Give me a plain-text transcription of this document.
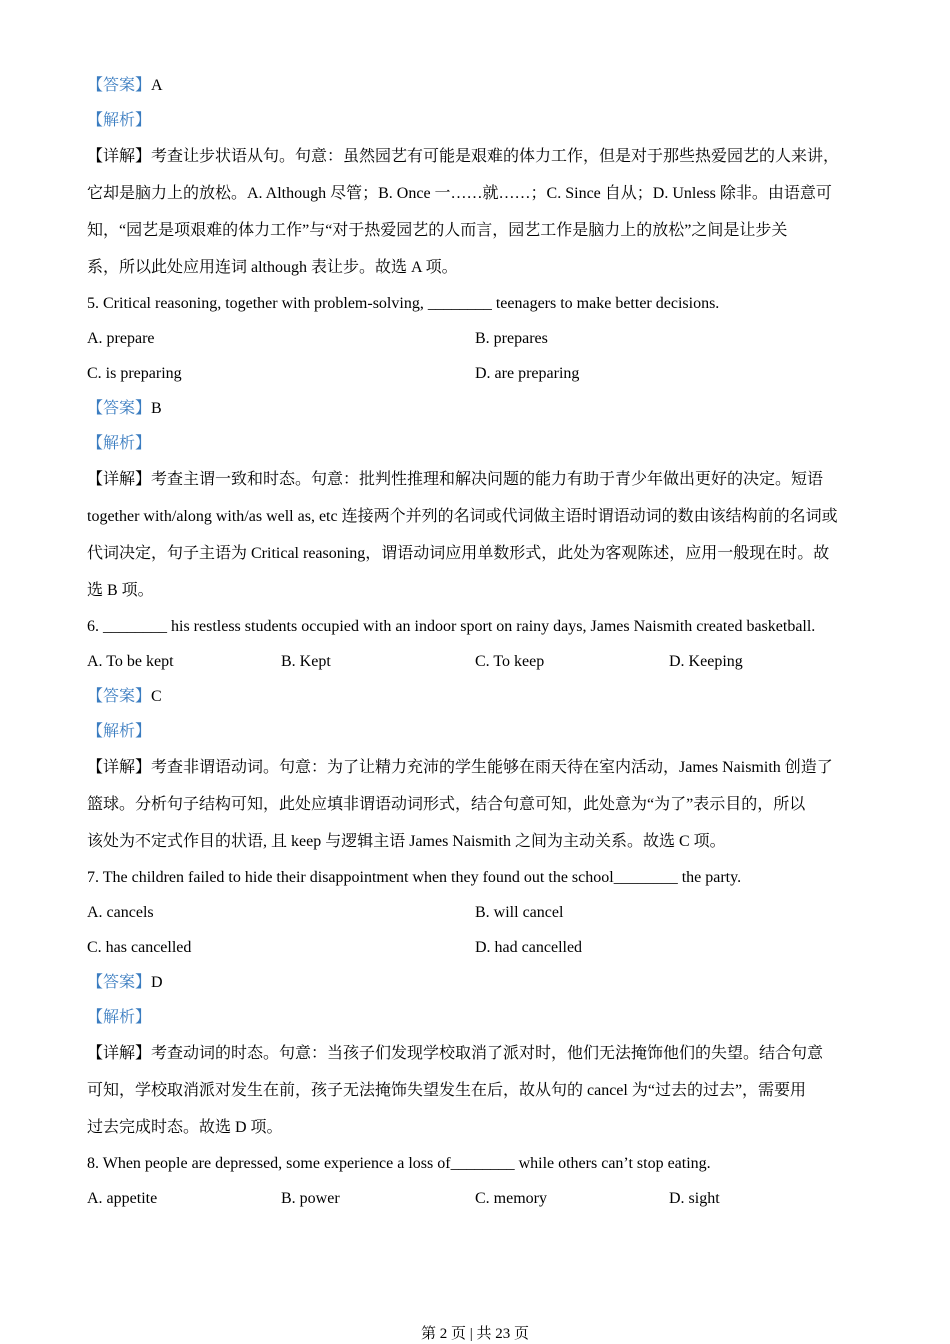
【答案】A
【解析】
【详解】考查让步状语从句。句意：虽然园艺有可能是艰难的体力工作，但是对于那些热爱园艺的人来讲，
它却是脑力上的放松。A. Although 尽管；B. Once 一……就……；C. Since 自从；D. Unless 除非。由语意可
知，“园艺是项艰难的体力工作”与“对于热爱园艺的人而言，园艺工作是脑力上的放松”之间是让步关
系，所以此处应用连词 although 表让步。故选 A 项。
5. Critical reasoning, together with problem-solving, ________ teenagers to make better decisions.
A. prepare	B. prepares
C. is preparing	D. are preparing
【答案】B
【解析】
【详解】考查主谓一致和时态。句意：批判性推理和解决问题的能力有助于青少年做出更好的决定。短语
together with/along with/as well as, etc 连接两个并列的名词或代词做主语时谓语动词的数由该结构前的名词或
代词决定，句子主语为 Critical reasoning，谓语动词应用单数形式，此处为客观陈述，应用一般现在时。故
选 B 项。
6. ________ his restless students occupied with an indoor sport on rainy days, James Naismith created basketball.
A. To be kept	B. Kept	C. To keep	D. Keeping
【答案】C
【解析】
【详解】考查非谓语动词。句意：为了让精力充沛的学生能够在雨天待在室内活动，James Naismith 创造了
篮球。分析句子结构可知，此处应填非谓语动词形式，结合句意可知，此处意为“为了”表示目的，所以
该处为不定式作目的状语, 且 keep 与逻辑主语 James Naismith 之间为主动关系。故选 C 项。
7. The children failed to hide their disappointment when they found out the school________ the party.
A. cancels	B. will cancel
C. has cancelled	D. had cancelled
【答案】D
【解析】
【详解】考查动词的时态。句意：当孩子们发现学校取消了派对时，他们无法掩饰他们的失望。结合句意
可知，学校取消派对发生在前，孩子无法掩饰失望发生在后，故从句的 cancel 为“过去的过去”，需要用
过去完成时态。故选 D 项。
8. When people are depressed, some experience a loss of________ while others can’t stop eating.
A. appetite	B. power	C. memory	D. sight
第 2 页 | 共 23 页
